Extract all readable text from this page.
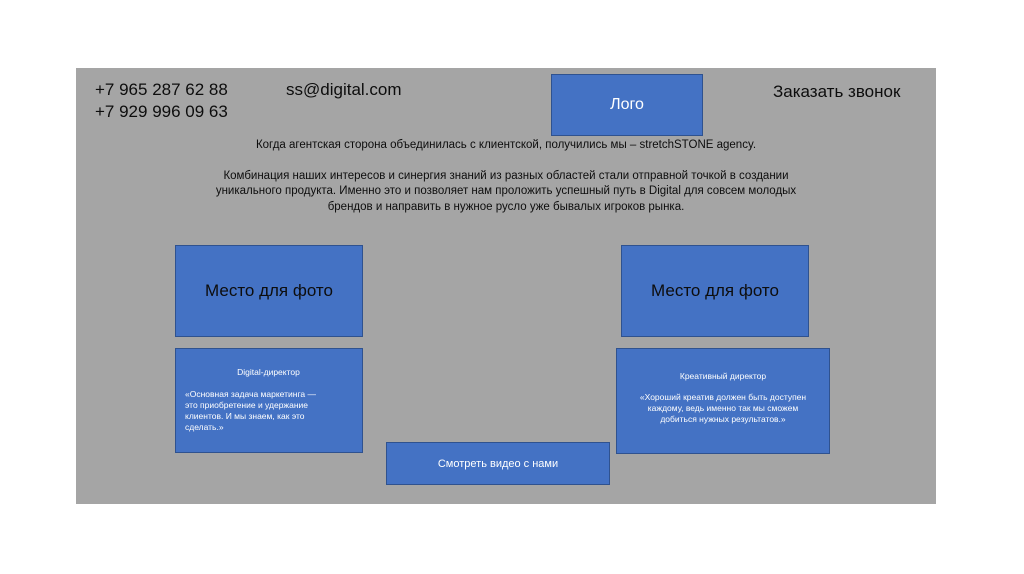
+7 965 287 62 88
+7 929 996 09 63
ss@digital.com
Лого
Заказать звонок

Когда агентская сторона объединилась с клиентской, получились мы – stretchSTONE agency.

Комбинация наших интересов и синергия знаний из разных областей стали отправной точкой в создании

уникального продукта. Именно это и позволяет нам проложить успешный путь в Digital для совсем молодых

брендов и направить в нужное русло уже бывалых игроков рынка.

Место для фото	Место для фото

Digital-директор

«Основная задача маркетинга —

это приобретение и удержание

клиентов. И мы знаем, как это

сделать.»

Креативный директор

«Хороший креатив должен быть доступен

каждому, ведь именно так мы сможем

добиться нужных результатов.»

Смотреть видео с нами
